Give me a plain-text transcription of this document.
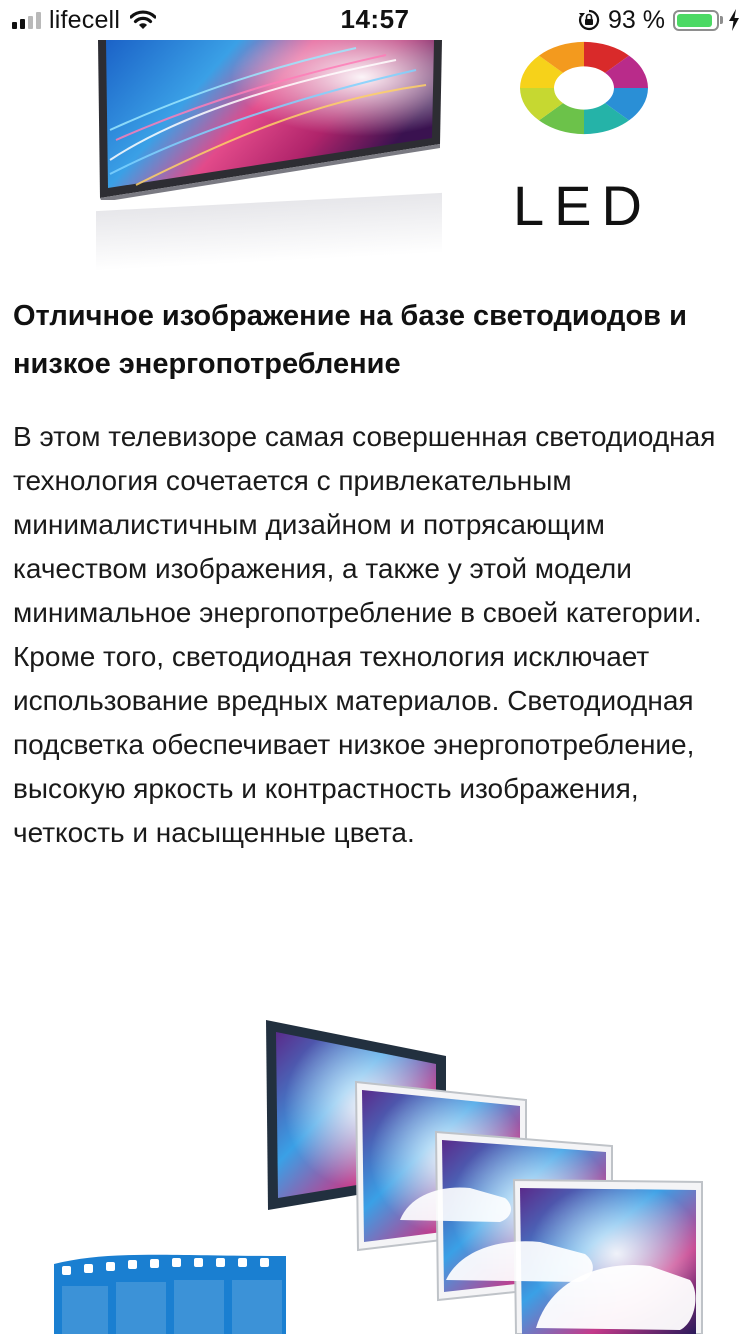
lifecell	14:57	93 %
LED
Отличное изображение на базе светодиодов и низкое энергопотребление

В этом телевизоре самая совершенная светодиодная технология сочетается с привлекательным минималистичным дизайном и потрясающим качеством изображения, а также у этой модели минимальное энергопотребление в своей категории. Кроме того, светодиодная технология исключает использование вредных материалов. Светодиодная подсветка обеспечивает низкое энергопотребление, высокую яркость и контрастность изображения, четкость и насыщенные цвета.
